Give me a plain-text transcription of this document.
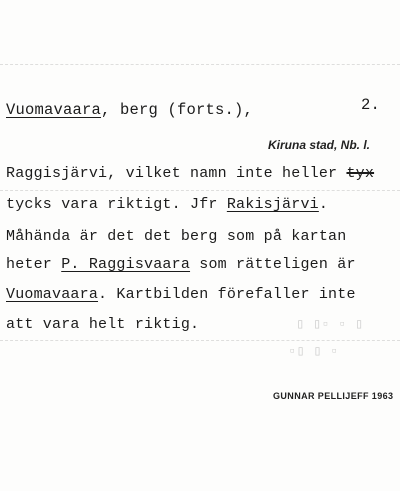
Vuomavaara, berg (forts.),	2.
Kiruna stad, Nb. l.
Raggisjärvi, vilket namn inte heller tyx
tycks vara riktigt. Jfr Rakisjärvi.
Måhända är det det berg som på kartan
heter P. Raggisvaara som rätteligen är
Vuomavaara. Kartbilden förefaller inte
att vara helt riktig.	▯ ▯▫ ▫ ▯
▫▯ ▯ ▫
GUNNAR PELLIJEFF 1963
